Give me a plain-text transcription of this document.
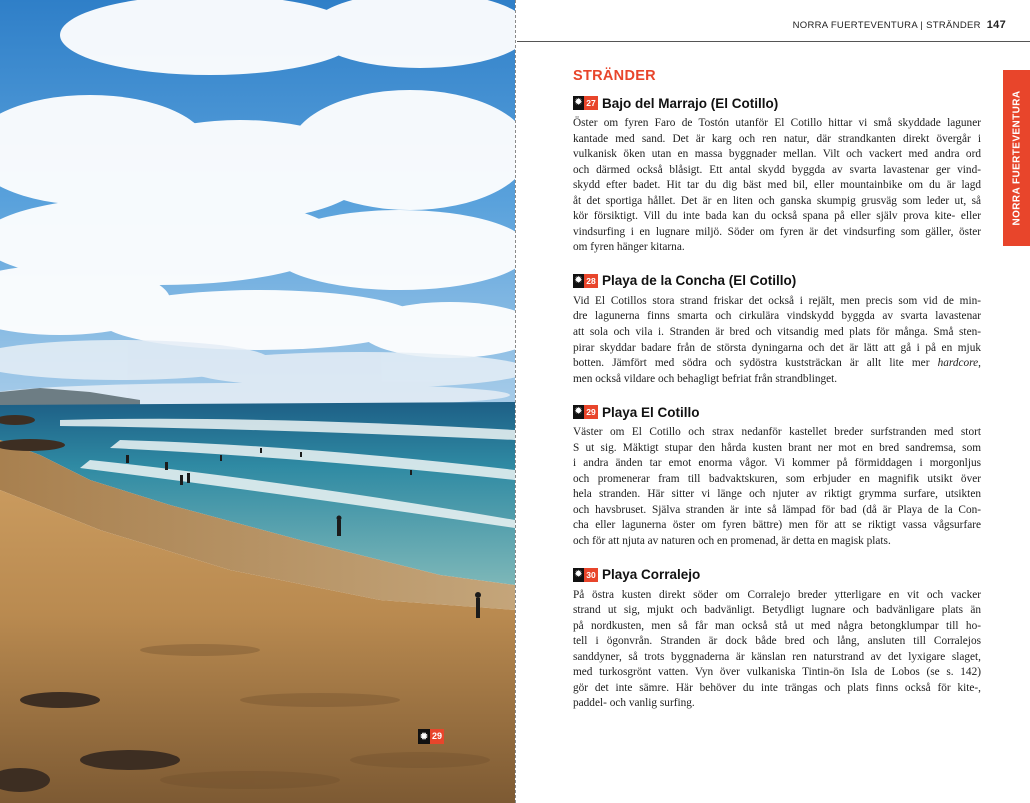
✹ 29
NORRA FUERTEVENTURA | STRÄNDER 147
NORRA FUERTEVENTURA
STRÄNDER
✹ 27 Bajo del Marrajo (El Cotillo)
Öster om fyren Faro de Tostón utanför El Cotillo hittar vi små skyddade laguner
kantade med sand. Det är karg och ren natur, där strandkanten direkt övergår i
vulkanisk öken utan en massa byggnader mellan. Vilt och vackert med andra ord
och därmed också blåsigt. Ett antal skydd byggda av svarta lavastenar ger vind-
skydd efter badet. Hit tar du dig bäst med bil, eller mountainbike om du är lagd
åt det sportiga hållet. Det är en liten och ganska skumpig grusväg som leder ut, så
kör försiktigt. Vill du inte bada kan du också spana på eller själv prova kite- eller
vindsurfing i en lugnare miljö. Söder om fyren är det vindsurfing som gäller, öster
om fyren hänger kitarna.
✹ 28 Playa de la Concha (El Cotillo)
Vid El Cotillos stora strand friskar det också i rejält, men precis som vid de min-
dre lagunerna finns smarta och cirkulära vindskydd byggda av svarta lavastenar
att sola och vila i. Stranden är bred och vitsandig med plats för många. Små sten-
pirar skyddar badare från de största dyningarna och det är lätt att gå i på en mjuk
botten. Jämfört med södra och sydöstra kuststräckan är allt lite mer hardcore,
men också vildare och behagligt befriat från strandblinget.
✹ 29 Playa El Cotillo
Väster om El Cotillo och strax nedanför kastellet breder surfstranden med stort
S ut sig. Mäktigt stupar den hårda kusten brant ner mot en bred sandremsa, som
i andra änden tar emot enorma vågor. Vi kommer på förmiddagen i morgonljus
och promenerar fram till badvaktskuren, som erbjuder en magnifik utsikt över
hela stranden. Här sitter vi länge och njuter av riktigt grymma surfare, utsikten
och havsbruset. Själva stranden är inte så lämpad för bad (då är Playa de la Con-
cha eller lagunerna öster om fyren bättre) men för att se riktigt vassa vågsurfare
och för att njuta av naturen och en promenad, är detta en magisk plats.
✹ 30 Playa Corralejo
På östra kusten direkt söder om Corralejo breder ytterligare en vit och vacker
strand ut sig, mjukt och badvänligt. Betydligt lugnare och badvänligare plats än
på nordkusten, men så får man också stå ut med några betongklumpar till ho-
tell i ögonvrån. Stranden är dock både bred och lång, ansluten till Corralejos
sanddyner, så trots byggnaderna är känslan ren naturstrand av det lyxigare slaget,
med turkosgrönt vatten. Vyn över vulkaniska Tintin-ön Isla de Lobos (se s. 142)
gör det inte sämre. Här behöver du inte trängas och plats finns också för kite-,
paddel- och vanlig surfing.
